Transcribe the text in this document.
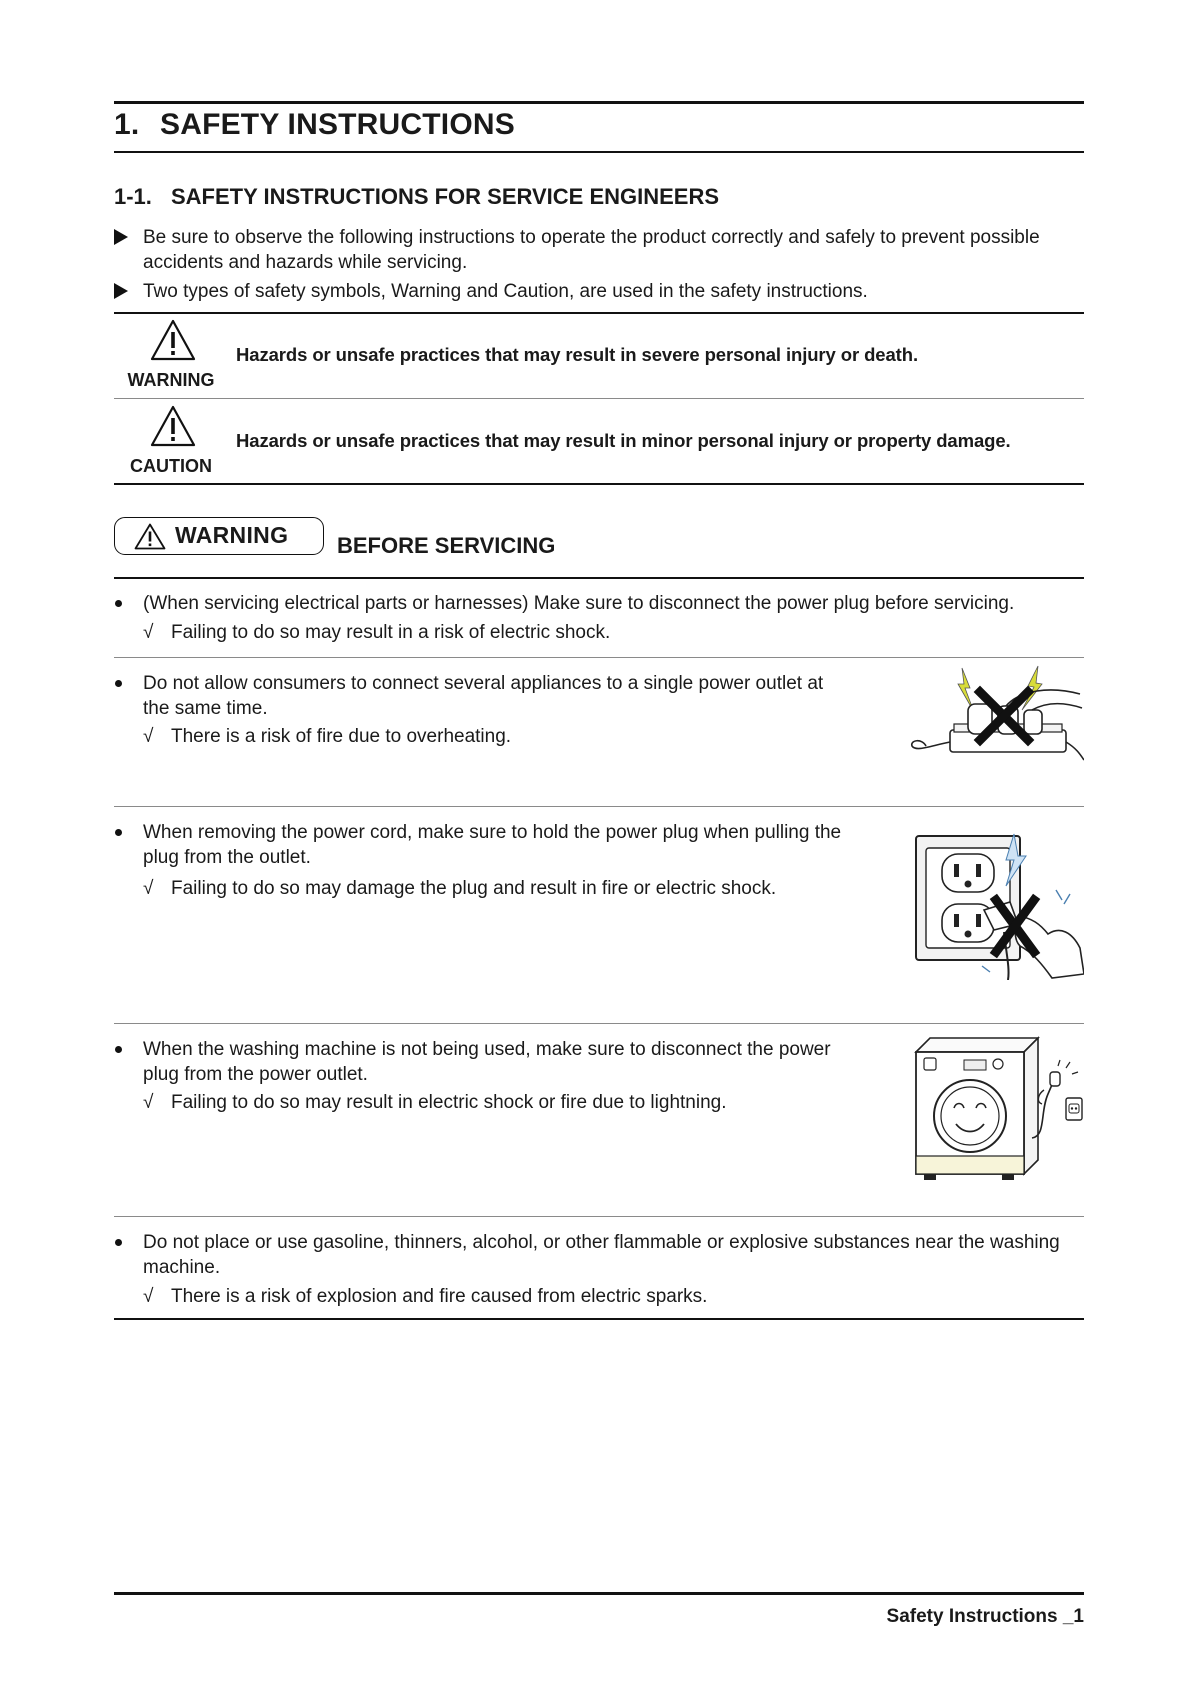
1. SAFETY INSTRUCTIONS
1-1. SAFETY INSTRUCTIONS FOR SERVICE ENGINEERS
Be sure to observe the following instructions to operate the product correctly and safely to prevent possible accidents and hazards while servicing.
Two types of safety symbols, Warning and Caution, are used in the safety instructions.
WARNING
Hazards or unsafe practices that may result in severe personal injury or death.
CAUTION
Hazards or unsafe practices that may result in minor personal injury or property damage.
WARNING BEFORE SERVICING
(When servicing electrical parts or harnesses) Make sure to disconnect the power plug before servicing.
√ Failing to do so may result in a risk of electric shock.
Do not allow consumers to connect several appliances to a single power outlet at the same time.
√ There is a risk of fire due to overheating.
When removing the power cord, make sure to hold the power plug when pulling the plug from the outlet.
√ Failing to do so may damage the plug and result in fire or electric shock.
When the washing machine is not being used, make sure to disconnect the power plug from the power outlet.
√ Failing to do so may result in electric shock or fire due to lightning.
Do not place or use gasoline, thinners, alcohol, or other flammable or explosive substances near the washing machine.
√ There is a risk of explosion and fire caused from electric sparks.
Safety Instructions _1
